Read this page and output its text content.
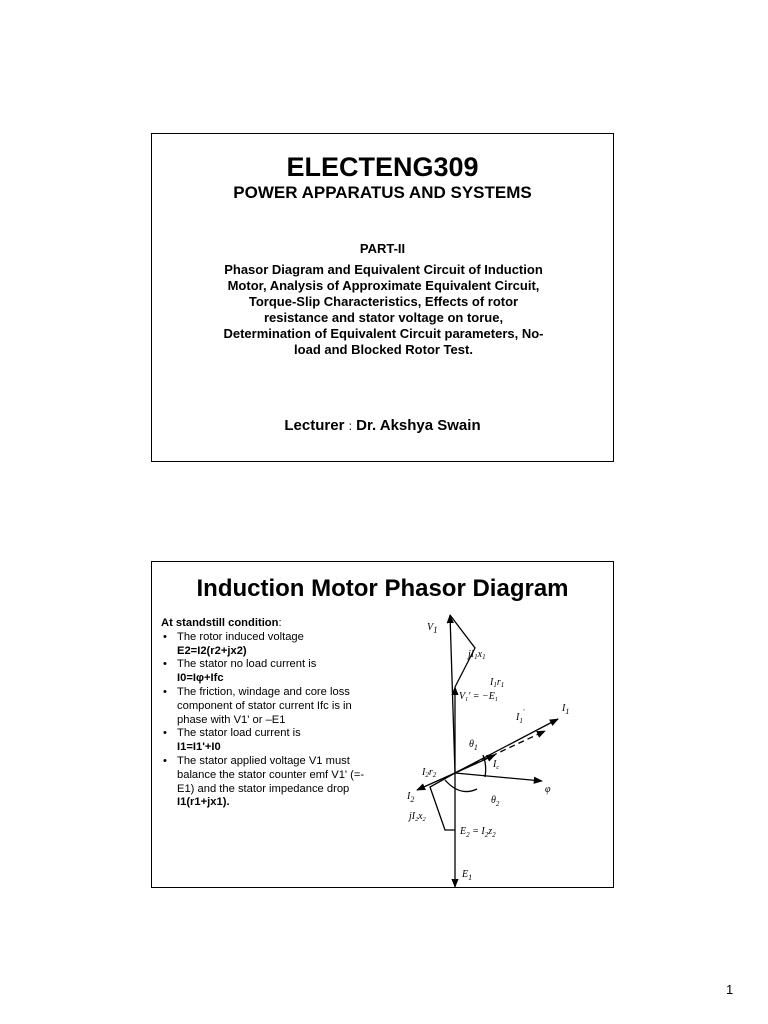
ELECTENG309
POWER APPARATUS AND SYSTEMS
PART-II
Phasor Diagram and Equivalent Circuit of Induction
Motor, Analysis of Approximate Equivalent Circuit,
Torque-Slip Characteristics, Effects of rotor
resistance and stator voltage on torue,
Determination of Equivalent Circuit parameters, No-
load and Blocked Rotor Test.
Lecturer : Dr. Akshya Swain
Induction Motor Phasor Diagram
At standstill condition:
• The rotor induced voltage
E2=I2(r2+jx2)
• The stator no load current is
I0=Iφ+Ifc
• The friction, windage and core loss component of stator current Ifc is in phase with V1' or –E1
• The stator load current is
I1=I1'+I0
• The stator applied voltage V1 must balance the stator counter emf V1' (=-E1) and the stator impedance drop
I1(r1+jx1).
V1
$jI_1x_1$
$I_1r_1$
$V_1' = -E_1$
$I_1$
$I_1'$
$\theta_1$
$I_2r_2$
$I_c$
φ
$I_2$	$\theta_2$
$jI_2x_2$
$E_2 = I_2z_2$
$E_1$
1
